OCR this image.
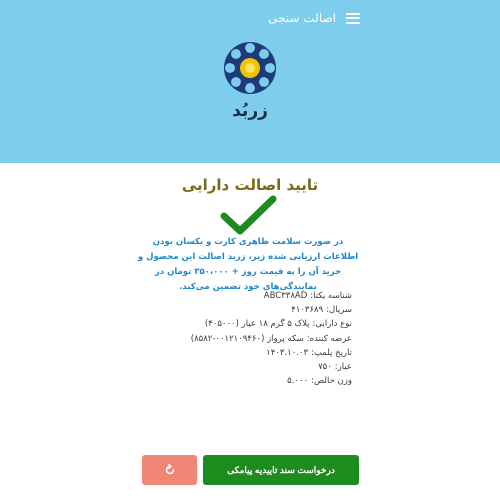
اصالت سنجی
زربُد
تایید اصالت دارایی
در صورت سلامت ظاهری کارت و یکسان بودن اطلاعات ارزیابی شده زیر، زربد اصالت این محصول و خرید آن را به قیمت روز + ۳۵۰،۰۰۰ تومان در نمایندگی‌های خود تضمین می‌کند.
شناسه یکتا:ABC۳۳۸AD
سریال:۴۱۰۳۶۸۹
نوع دارایی:پلاک ۵ گرم ۱۸ عیار (۴۰۵۰۰۰)
عرضه کننده:سکه پرواز (۰۰۱۲۱۰۹۴۶۰-۸۵۸۲)
تاریخ پلمپ:۱۴۰۳.۱۰.۰۳
عیار:۷۵۰
وزن خالص:۵.۰۰۰
درخواست سند تاییدیه پیامکی
